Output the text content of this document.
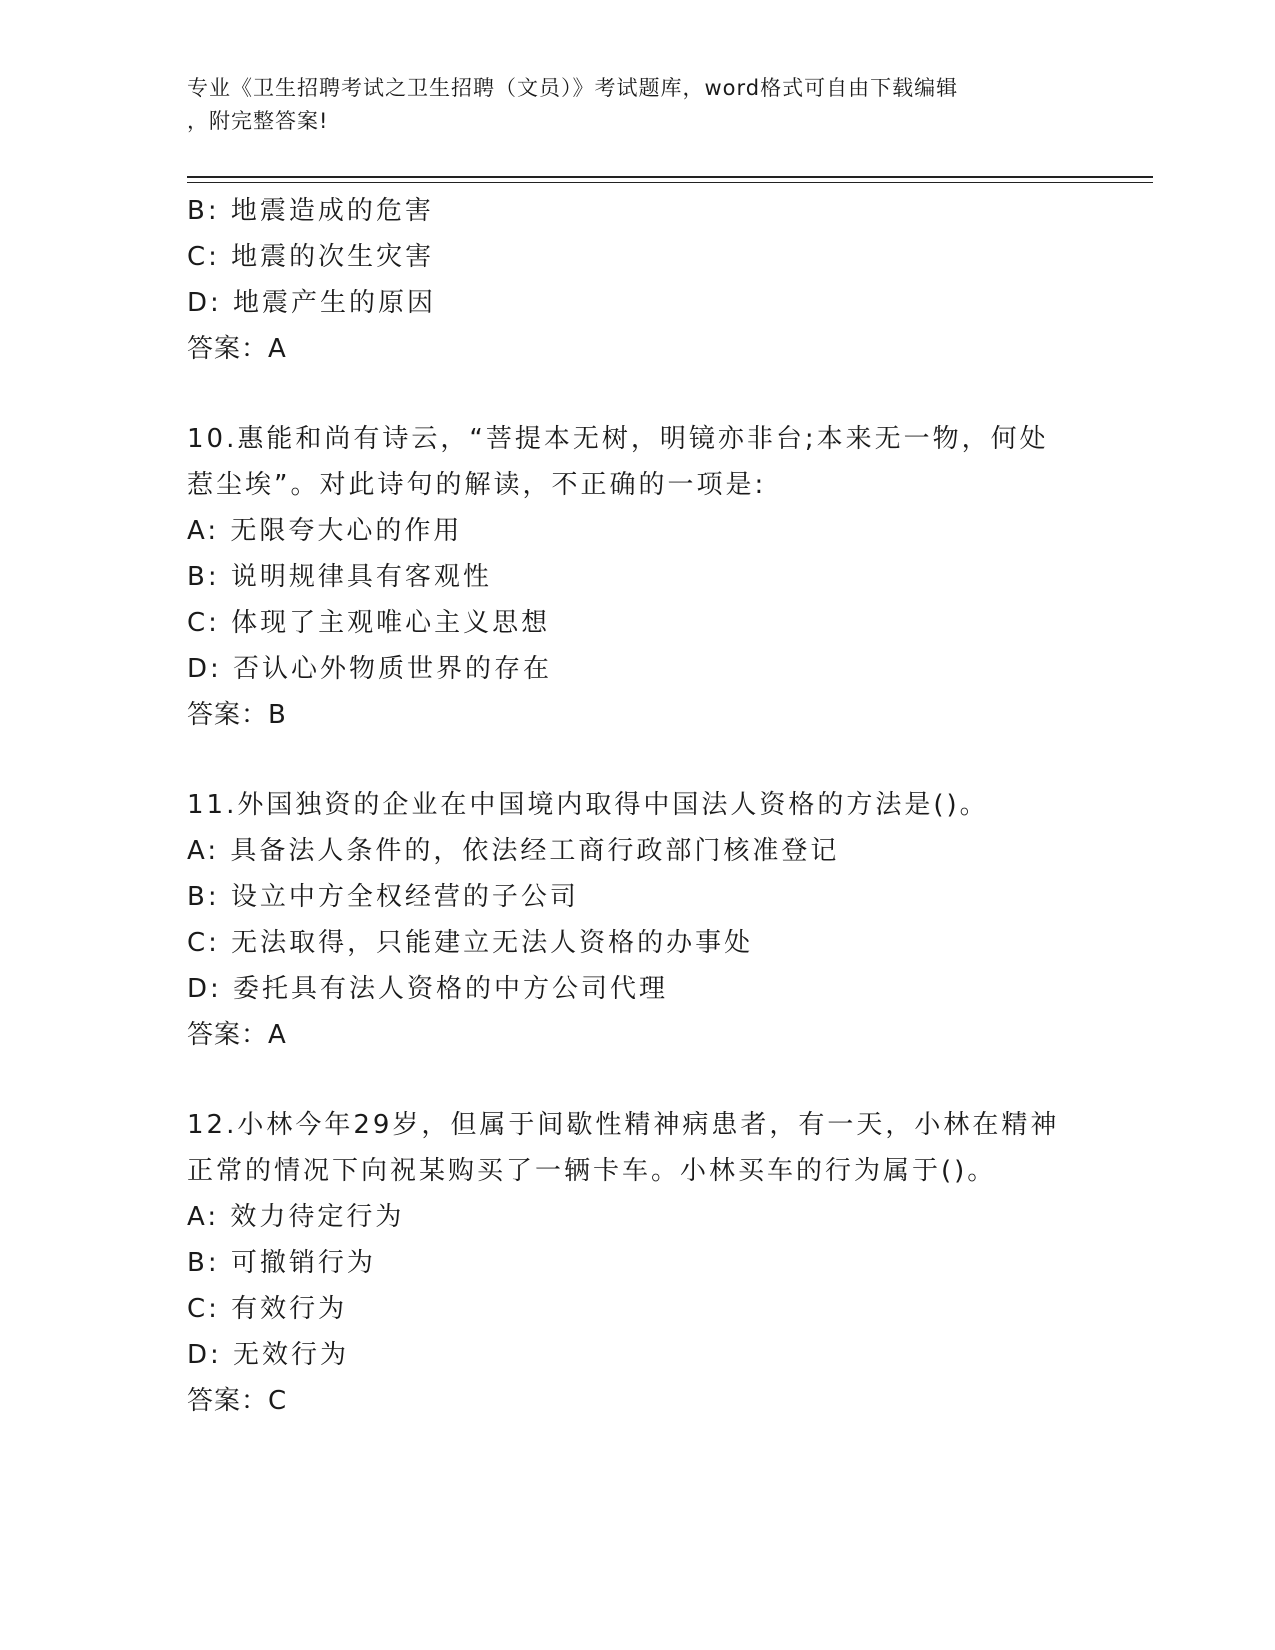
专业《卫生招聘考试之卫生招聘（文员）》考试题库，word格式可自由下载编辑
，附完整答案!
B: 地震造成的危害
C: 地震的次生灾害
D: 地震产生的原因
答案：A
10.惠能和尚有诗云，“菩提本无树，明镜亦非台;本来无一物，何处
惹尘埃”。对此诗句的解读，不正确的一项是:
A: 无限夸大心的作用
B: 说明规律具有客观性
C: 体现了主观唯心主义思想
D: 否认心外物质世界的存在
答案：B
11.外国独资的企业在中国境内取得中国法人资格的方法是()。
A: 具备法人条件的，依法经工商行政部门核准登记
B: 设立中方全权经营的子公司
C: 无法取得，只能建立无法人资格的办事处
D: 委托具有法人资格的中方公司代理
答案：A
12.小林今年29岁，但属于间歇性精神病患者，有一天，小林在精神
正常的情况下向祝某购买了一辆卡车。小林买车的行为属于()。
A: 效力待定行为
B: 可撤销行为
C: 有效行为
D: 无效行为
答案：C
